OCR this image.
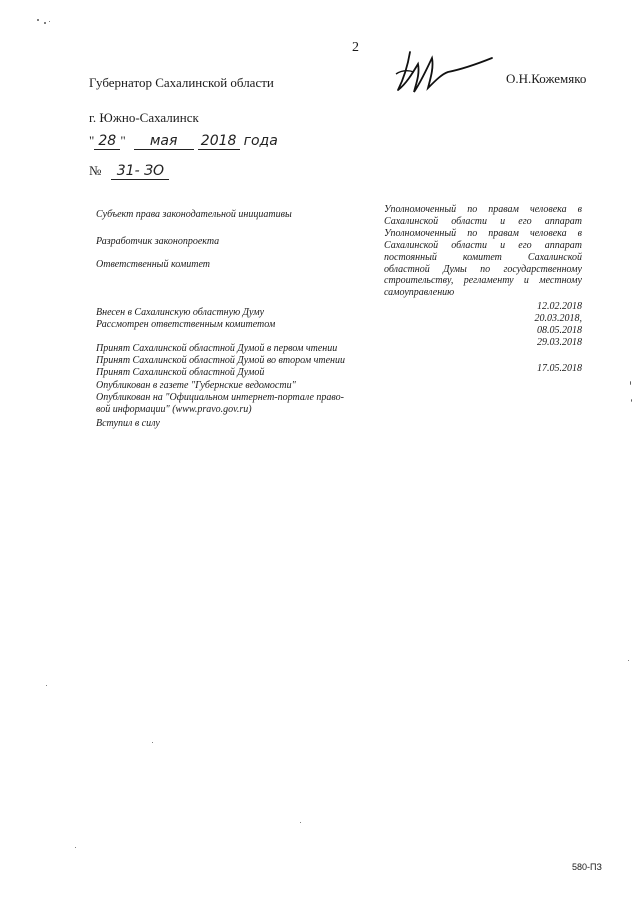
2
Губернатор Сахалинской области	О.Н.Кожемяко
г. Южно-Сахалинск
" 28 " мая 2018 года
№ 31- ЗО
Субъект права законодательной инициативы
Разработчик законопроекта
Ответственный комитет
Уполномоченный по правам человека в Сахалинской области и его аппарат
Уполномоченный по правам человека в Сахалинской области и его аппарат
постоянный комитет Сахалинской областной Думы по государственному строительству, регламенту и местному самоуправлению
Внесен в Сахалинскую областную Думу
Рассмотрен ответственным комитетом
Принят Сахалинской областной Думой в первом чтении
Принят Сахалинской областной Думой во втором чтении
Принят Сахалинской областной Думой
Опубликован в газете "Губернские ведомости"
12.02.2018
20.03.2018,
08.05.2018
29.03.2018
17.05.2018
Опубликован на "Официальном интернет-портале право-
вой информации" (www.pravo.gov.ru)
Вступил в силу
580-ПЗ
